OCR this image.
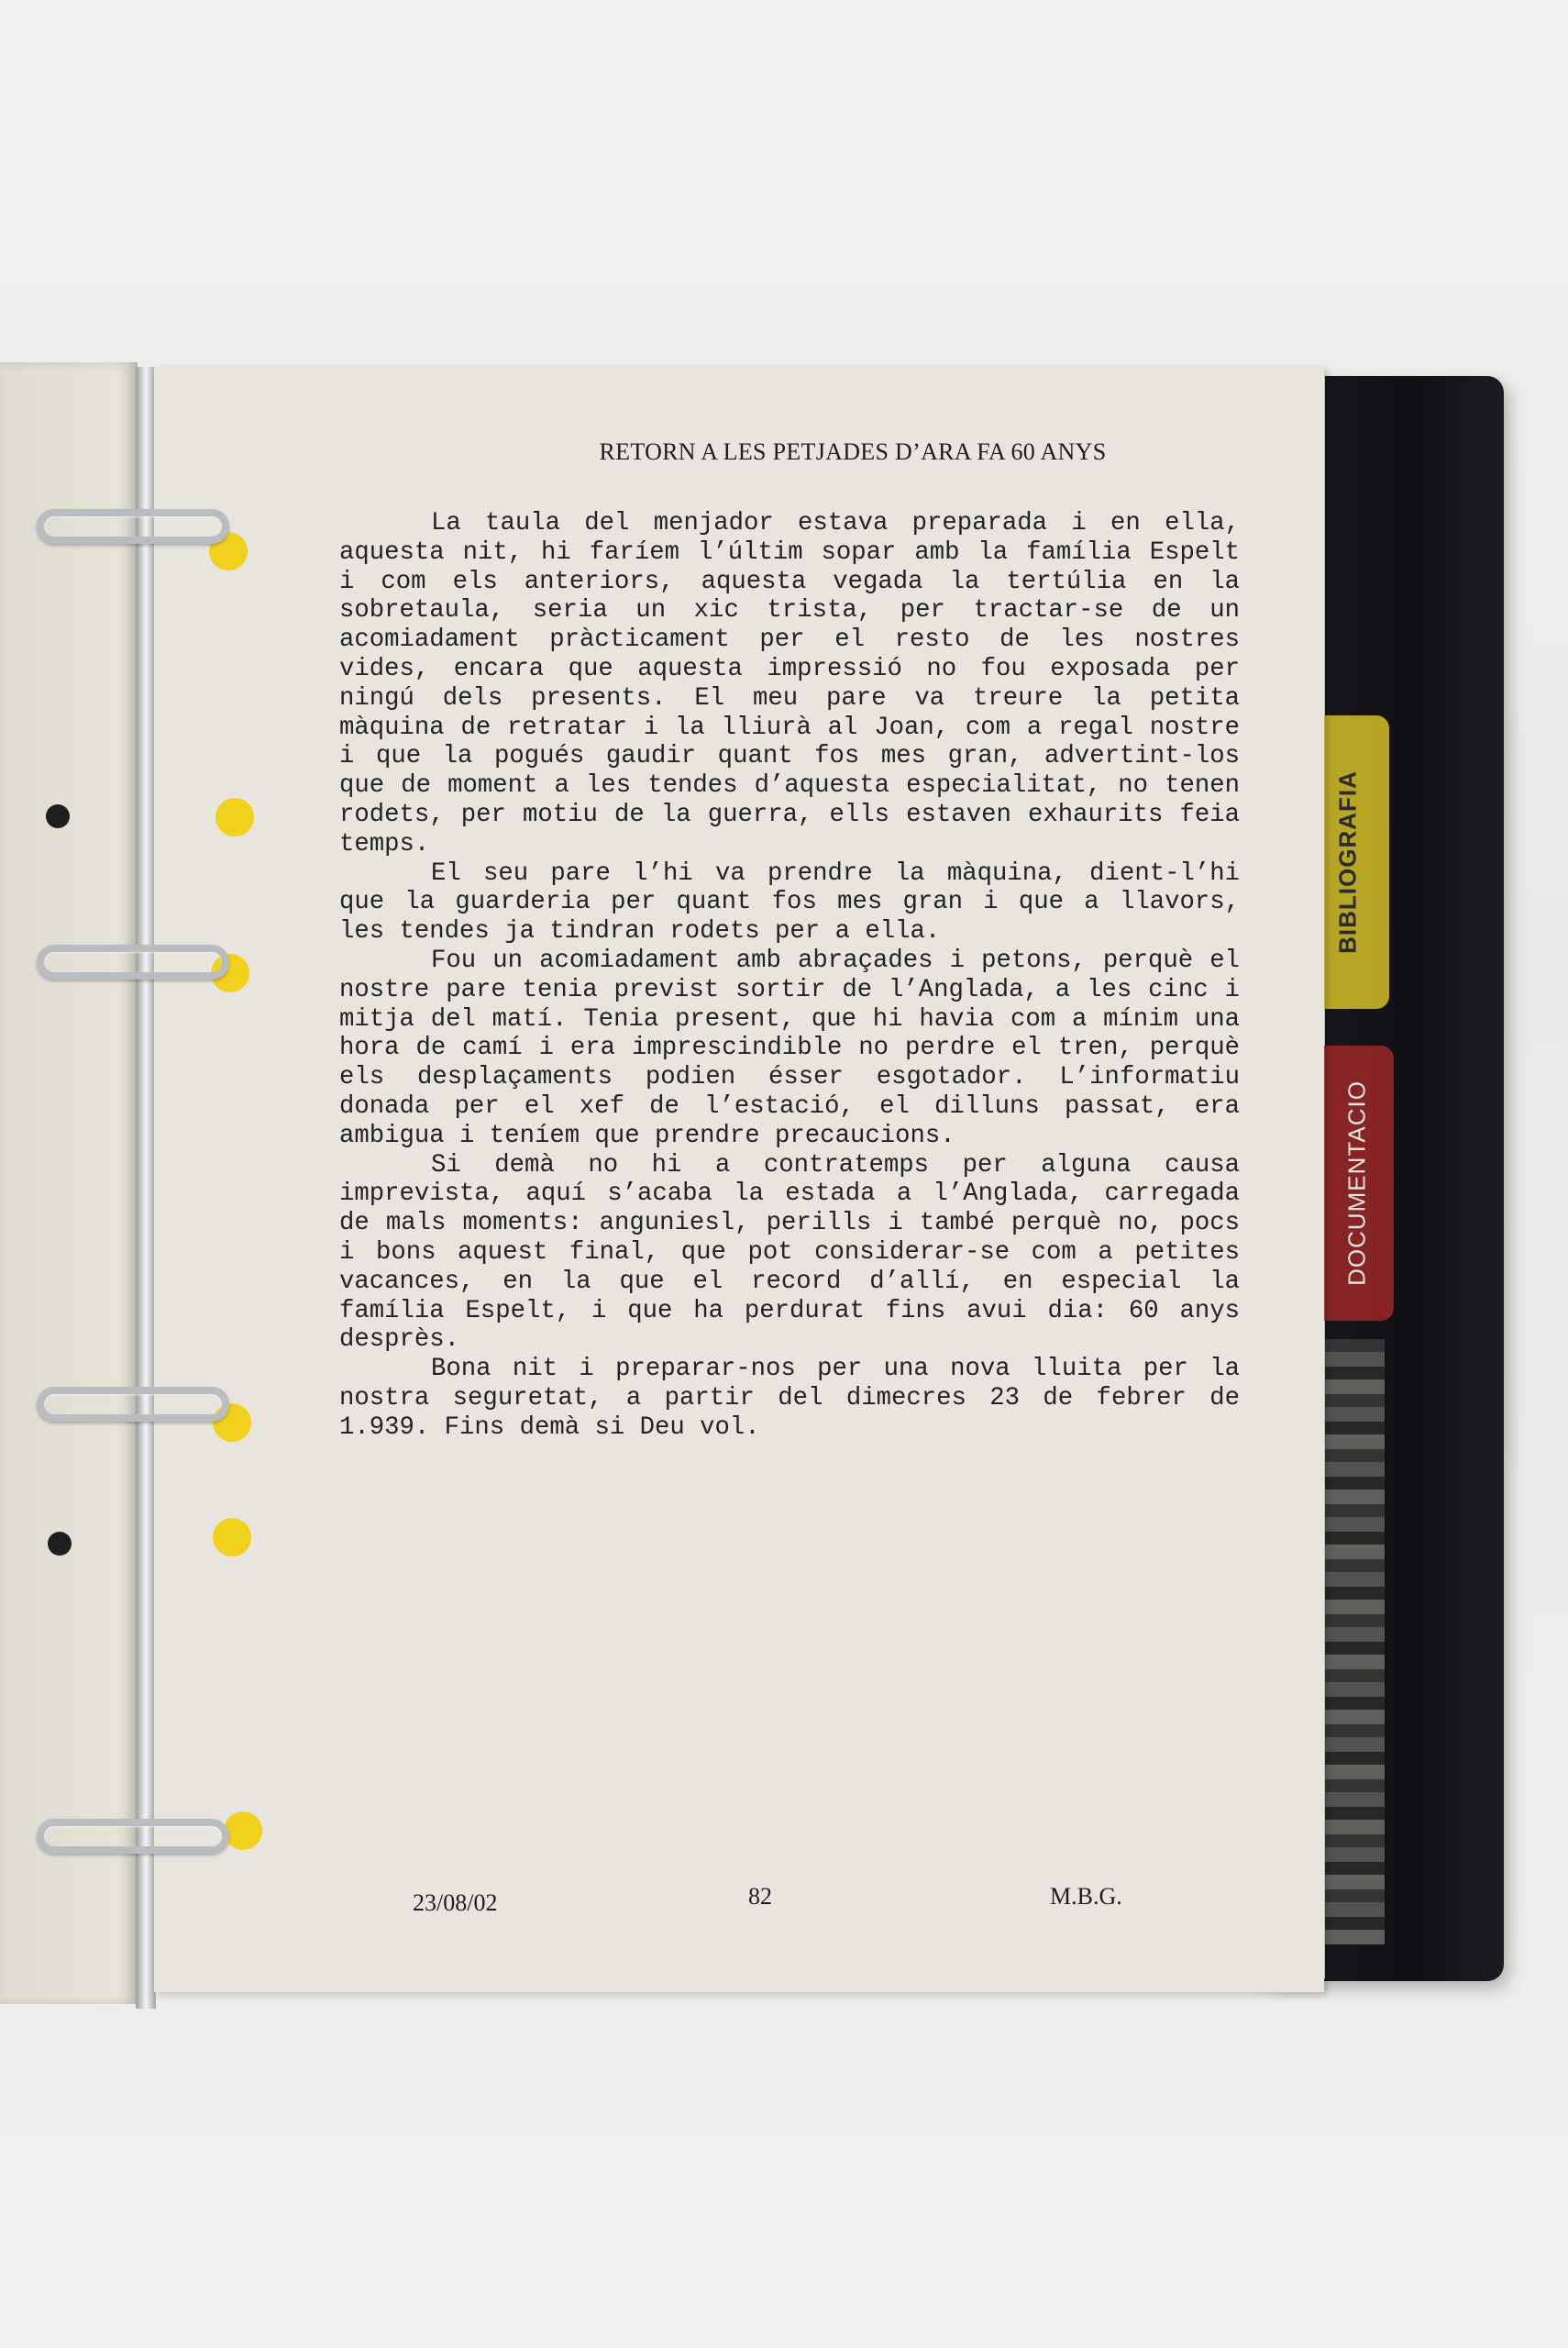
BIBLIOGRAFIA
DOCUMENTACIO
RETORN A LES PETJADES D’ARA FA 60 ANYS

La taula del menjador estava preparada i en ella, aquesta nit, hi faríem l’últim sopar amb la família Espelt i com els anteriors, aquesta vegada la tertúlia en la sobretaula, seria un xic trista, per tractar-se de un acomiadament pràcticament per el resto de les nostres vides, encara que aquesta impressió no fou exposada per ningú dels presents. El meu pare va treure la petita màquina de retratar i la lliurà al Joan, com a regal nostre i que la pogués gaudir quant fos mes gran, advertint-los que de moment a les tendes d’aquesta especialitat, no tenen rodets, per motiu de la guerra, ells estaven exhaurits feia temps.

El seu pare l’hi va prendre la màquina, dient-l’hi que la guarderia per quant fos mes gran i que a llavors, les tendes ja tindran rodets per a ella.

Fou un acomiadament amb abraçades i petons, perquè el nostre pare tenia previst sortir de l’Anglada, a les cinc i mitja del matí. Tenia present, que hi havia com a mínim una hora de camí i era imprescindible no perdre el tren, perquè els desplaçaments podien ésser esgotador. L’informatiu donada per el xef de l’estació, el dilluns passat, era ambigua i teníem que prendre precaucions.

Si demà no hi a contratemps per alguna causa imprevista, aquí s’acaba la estada a l’Anglada, carregada de mals moments: anguniesl, perills i també perquè no, pocs i bons aquest final, que pot considerar-se com a petites vacances, en la que el record d’allí, en especial la família Espelt, i que ha perdurat fins avui dia: 60 anys desprès.

Bona nit i preparar-nos per una nova lluita per la nostra seguretat, a partir del dimecres 23 de febrer de 1.939. Fins demà si Deu vol.

23/08/02	82	M.B.G.
